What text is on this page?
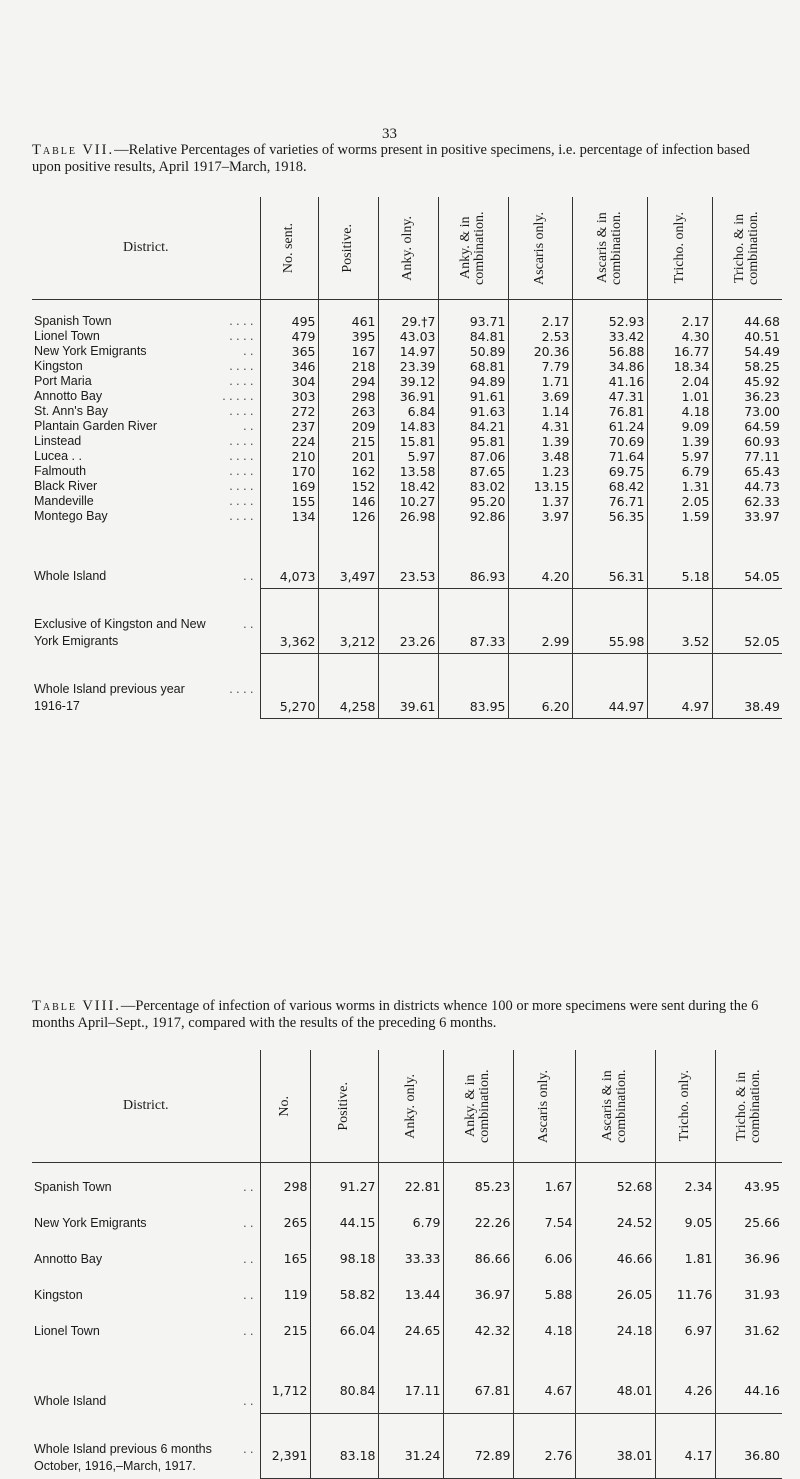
33
Table VII.—Relative Percentages of varieties of worms present in positive specimens, i.e. percentage of infection based upon positive results, April 1917–March, 1918.
District.	No. sent.	Positive.	Anky. olny.	Anky. & in combination.	Ascaris only.	Ascaris & in combination.	Tricho. only.	Tricho. & in combination.

. . . .
Spanish Town	495	461	29.†7	93.71	2.17	52.93	2.17	44.68

. . . .
Lionel Town	479	395	43.03	84.81	2.53	33.42	4.30	40.51

. .
New York Emigrants	365	167	14.97	50.89	20.36	56.88	16.77	54.49

. . . .
Kingston	346	218	23.39	68.81	7.79	34.86	18.34	58.25

. . . .
Port Maria	304	294	39.12	94.89	1.71	41.16	2.04	45.92

. . . . .
Annotto Bay	303	298	36.91	91.61	3.69	47.31	1.01	36.23

. . . .
St. Ann's Bay	272	263	6.84	91.63	1.14	76.81	4.18	73.00

. .
Plantain Garden River	237	209	14.83	84.21	4.31	61.24	9.09	64.59

. . . .
Linstead	224	215	15.81	95.81	1.39	70.69	1.39	60.93

. . . .
Lucea . .	210	201	5.97	87.06	3.48	71.64	5.97	77.11

. . . .
Falmouth	170	162	13.58	87.65	1.23	69.75	6.79	65.43

. . . .
Black River	169	152	18.42	83.02	13.15	68.42	1.31	44.73

. . . .
Mandeville	155	146	10.27	95.20	1.37	76.71	2.05	62.33

. . . .
Montego Bay	134	126	26.98	92.86	3.97	56.35	1.59	33.97

. .
Whole Island	4,073	3,497	23.53	86.93	4.20	56.31	5.18	54.05

. .
Exclusive of Kingston and New
York Emigrants	3,362	3,212	23.26	87.33	2.99	55.98	3.52	52.05

. . . .
Whole Island previous year
1916-17	5,270	4,258	39.61	83.95	6.20	44.97	4.97	38.49
Table VIII.—Percentage of infection of various worms in districts whence 100 or more specimens were sent during the 6 months April–Sept., 1917, compared with the results of the preceding 6 months.
District.	No.	Positive.	Anky. only.	Anky. & in combination.	Ascaris only.	Ascaris & in combination.	Tricho. only.	Tricho. & in combination.

. .
Spanish Town	298	91.27	22.81	85.23	1.67	52.68	2.34	43.95

. .
New York Emigrants	265	44.15	6.79	22.26	7.54	24.52	9.05	25.66

. .
Annotto Bay	165	98.18	33.33	86.66	6.06	46.66	1.81	36.96

. .
Kingston	119	58.82	13.44	36.97	5.88	26.05	11.76	31.93

. .
Lionel Town	215	66.04	24.65	42.32	4.18	24.18	6.97	31.62

. .
Whole Island	1,712	80.84	17.11	67.81	4.67	48.01	4.26	44.16

. .
Whole Island previous 6 months
October, 1916,–March, 1917.	2,391	83.18	31.24	72.89	2.76	38.01	4.17	36.80
